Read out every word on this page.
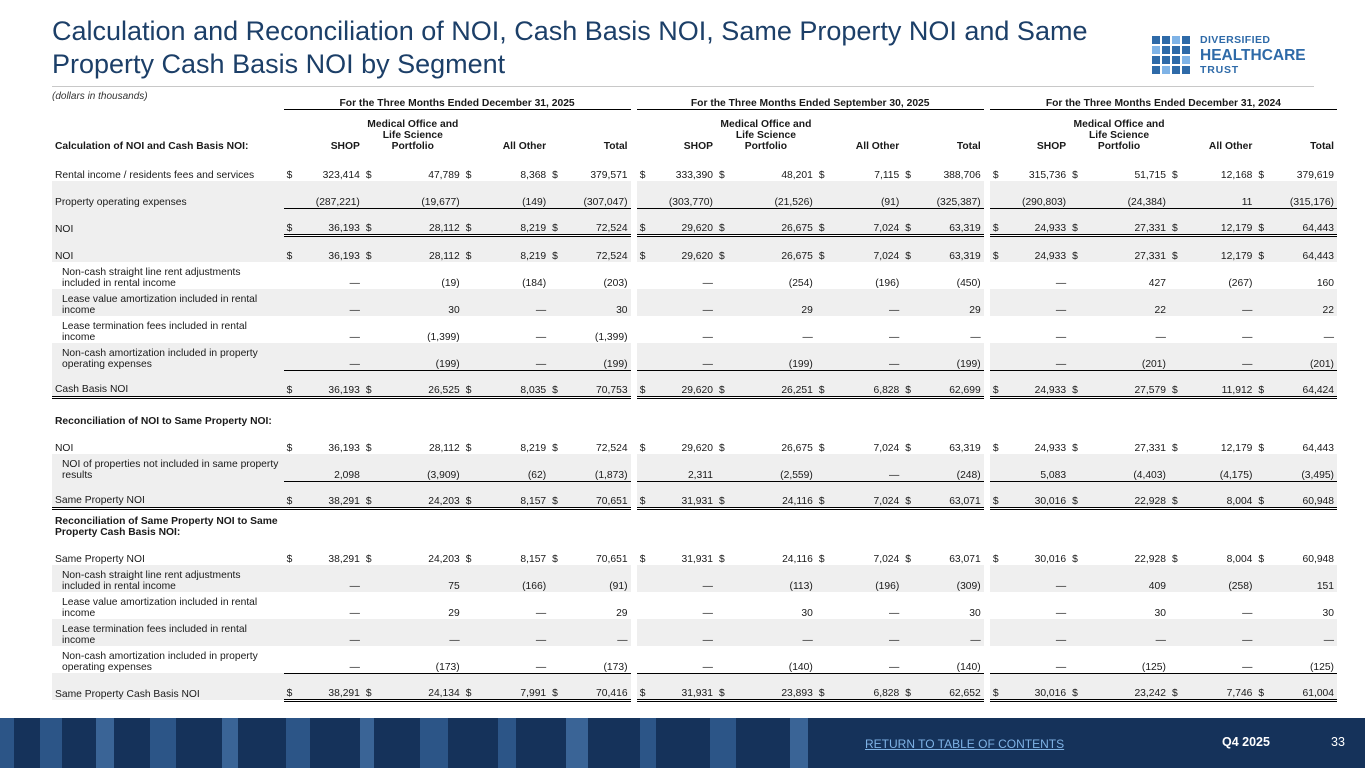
Calculation and Reconciliation of NOI, Cash Basis NOI, Same Property NOI and Same Property Cash Basis NOI by Segment
DIVERSIFIED
HEALTHCARE
TRUST
(dollars in thousands)
	For the Three Months Ended December 31, 2025									For the Three Months Ended September 30, 2025									For the Three Months Ended December 31, 2024							
Calculation of NOI and Cash Basis NOI:	SHOP		Medical Office and Life Science Portfolio		All Other		Total			SHOP		Medical Office and Life Science Portfolio		All Other		Total			SHOP		Medical Office and Life Science Portfolio		All Other		Total	
Rental income / residents fees and services	$	323,414	$	47,789	$	8,368	$	379,571		$	333,390	$	48,201	$	7,115	$	388,706		$	315,736	$	51,715	$	12,168	$	379,619
Property operating expenses		(287,221)		(19,677)		(149)		(307,047)			(303,770)		(21,526)		(91)		(325,387)			(290,803)		(24,384)		11		(315,176)
NOI	$	36,193	$	28,112	$	8,219	$	72,524		$	29,620	$	26,675	$	7,024	$	63,319		$	24,933	$	27,331	$	12,179	$	64,443
NOI	$	36,193	$	28,112	$	8,219	$	72,524		$	29,620	$	26,675	$	7,024	$	63,319		$	24,933	$	27,331	$	12,179	$	64,443
Non-cash straight line rent adjustments included in rental income		—		(19)		(184)		(203)			—		(254)		(196)		(450)			—		427		(267)		160
Lease value amortization included in rental income		—		30		—		30			—		29		—		29			—		22		—		22
Lease termination fees included in rental income		—		(1,399)		—		(1,399)			—		—		—		—			—		—		—		—
Non-cash amortization included in property operating expenses		—		(199)		—		(199)			—		(199)		—		(199)			—		(201)		—		(201)
Cash Basis NOI	$	36,193	$	26,525	$	8,035	$	70,753		$	29,620	$	26,251	$	6,828	$	62,699		$	24,933	$	27,579	$	11,912	$	64,424
Reconciliation of NOI to Same Property NOI:																										
NOI	$	36,193	$	28,112	$	8,219	$	72,524		$	29,620	$	26,675	$	7,024	$	63,319		$	24,933	$	27,331	$	12,179	$	64,443
NOI of properties not included in same property results		2,098		(3,909)		(62)		(1,873)			2,311		(2,559)		—		(248)			5,083		(4,403)		(4,175)		(3,495)
Same Property NOI	$	38,291	$	24,203	$	8,157	$	70,651		$	31,931	$	24,116	$	7,024	$	63,071		$	30,016	$	22,928	$	8,004	$	60,948
Reconciliation of Same Property NOI to Same Property Cash Basis NOI:																										
Same Property NOI	$	38,291	$	24,203	$	8,157	$	70,651		$	31,931	$	24,116	$	7,024	$	63,071		$	30,016	$	22,928	$	8,004	$	60,948
Non-cash straight line rent adjustments included in rental income		—		75		(166)		(91)			—		(113)		(196)		(309)			—		409		(258)		151
Lease value amortization included in rental income		—		29		—		29			—		30		—		30			—		30		—		30
Lease termination fees included in rental income		—		—		—		—			—		—		—		—			—		—		—		—
Non-cash amortization included in property operating expenses		—		(173)		—		(173)			—		(140)		—		(140)			—		(125)		—		(125)
Same Property Cash Basis NOI	$	38,291	$	24,134	$	7,991	$	70,416		$	31,931	$	23,893	$	6,828	$	62,652		$	30,016	$	23,242	$	7,746	$	61,004
RETURN TO TABLE OF CONTENTS	Q4 2025	33
